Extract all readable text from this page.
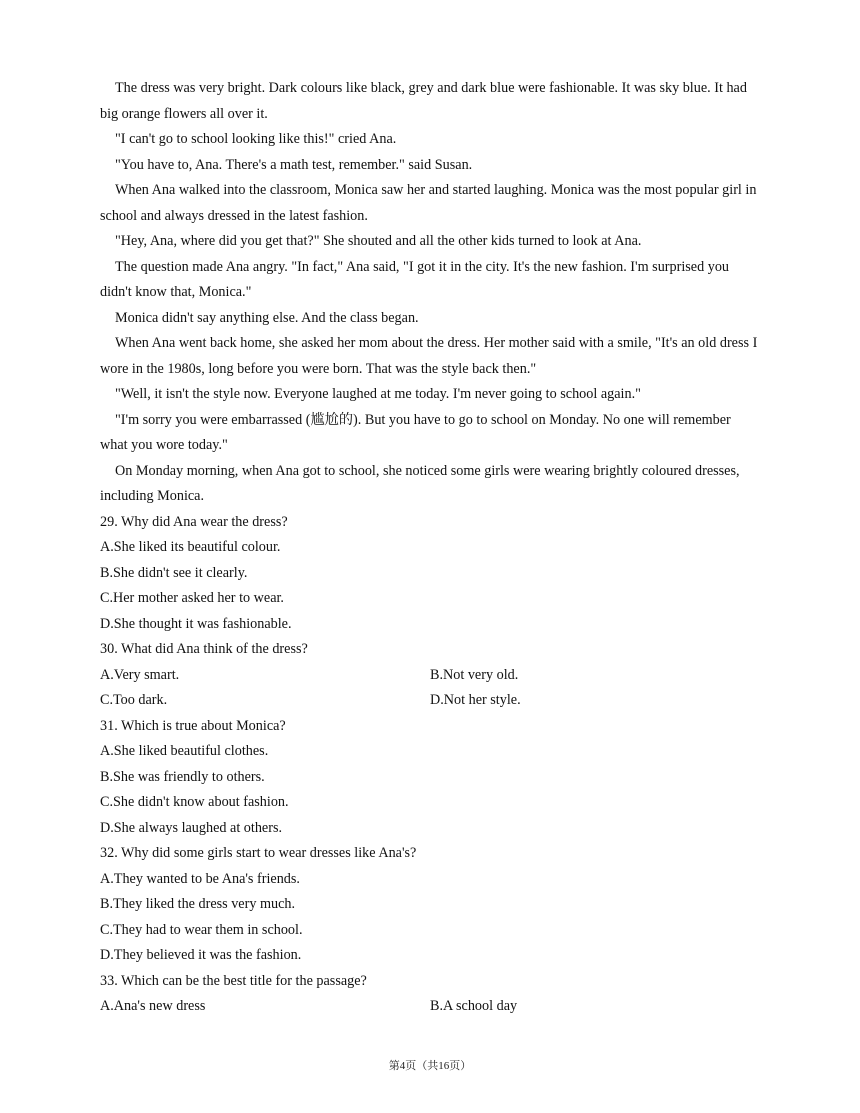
The dress was very bright. Dark colours like black, grey and dark blue were fashionable. It was sky blue. It had big orange flowers all over it.

"I can't go to school looking like this!" cried Ana.

"You have to, Ana. There's a math test, remember." said Susan.

When Ana walked into the classroom, Monica saw her and started laughing. Monica was the most popular girl in school and always dressed in the latest fashion.

"Hey, Ana, where did you get that?" She shouted and all the other kids turned to look at Ana.

The question made Ana angry. "In fact," Ana said, "I got it in the city. It's the new fashion. I'm surprised you didn't know that, Monica."

Monica didn't say anything else. And the class began.

When Ana went back home, she asked her mom about the dress. Her mother said with a smile, "It's an old dress I wore in the 1980s, long before you were born. That was the style back then."

"Well, it isn't the style now. Everyone laughed at me today. I'm never going to school again."

"I'm sorry you were embarrassed (尴尬的). But you have to go to school on Monday. No one will remember what you wore today."

On Monday morning, when Ana got to school, she noticed some girls were wearing brightly coloured dresses, including Monica.

29. Why did Ana wear the dress?

A.She liked its beautiful colour.

B.She didn't see it clearly.

C.Her mother asked her to wear.

D.She thought it was fashionable.

30. What did Ana think of the dress?

A.Very smart.	B.Not very old.

C.Too dark.	D.Not her style.

31. Which is true about Monica?

A.She liked beautiful clothes.

B.She was friendly to others.

C.She didn't know about fashion.

D.She always laughed at others.

32. Why did some girls start to wear dresses like Ana's?

A.They wanted to be Ana's friends.

B.They liked the dress very much.

C.They had to wear them in school.

D.They believed it was the fashion.

33. Which can be the best title for the passage?

A.Ana's new dress	B.A school day

第4页（共16页）
